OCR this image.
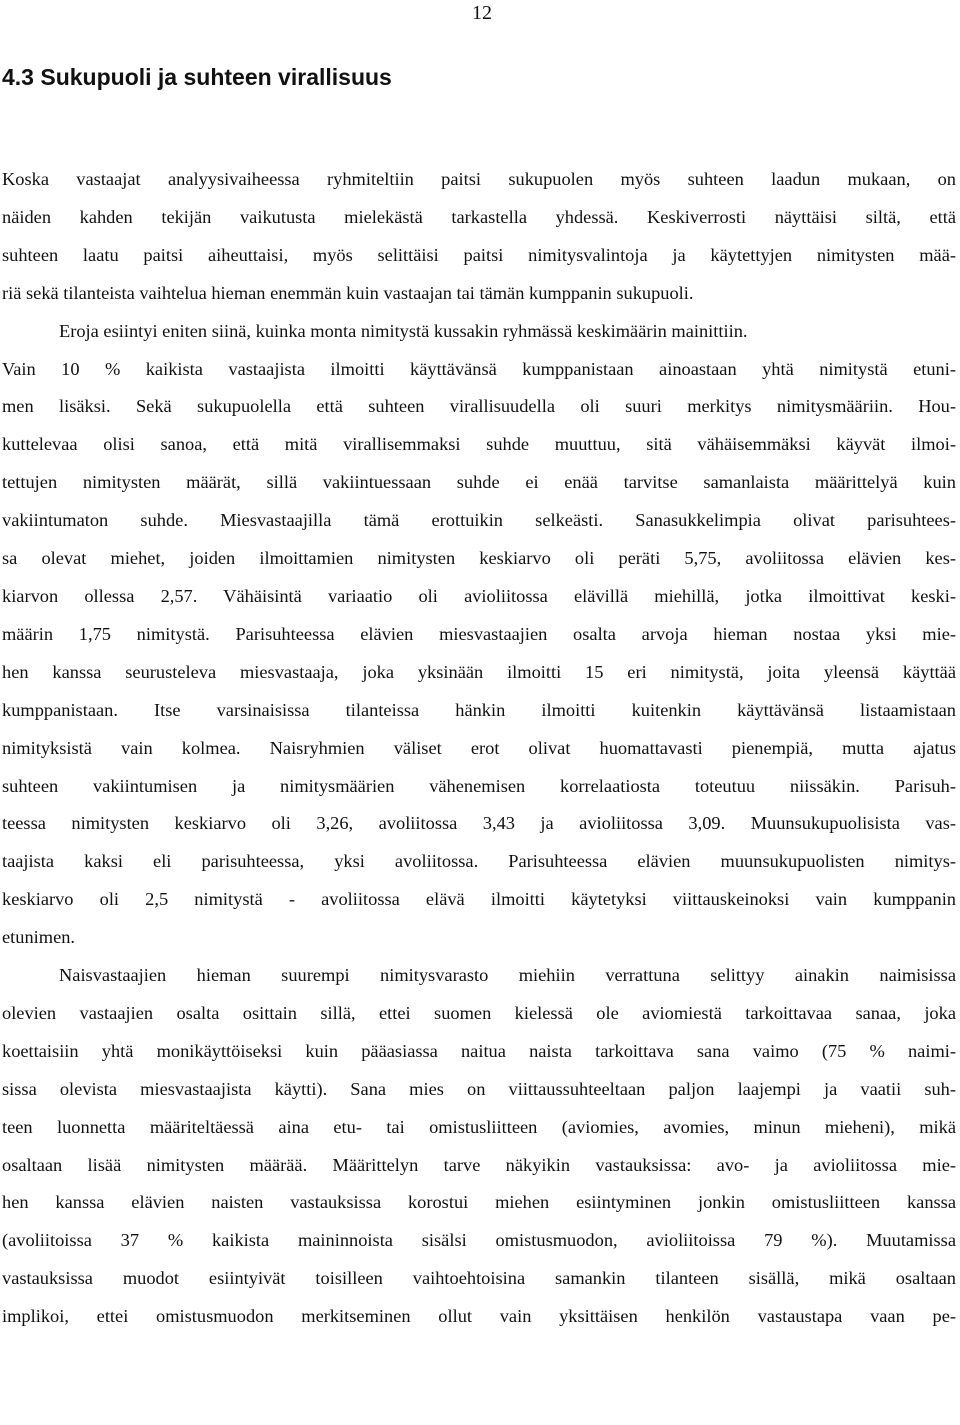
12
4.3 Sukupuoli ja suhteen virallisuus
Koska vastaajat analyysivaiheessa ryhmiteltiin paitsi sukupuolen myös suhteen laadun mukaan, on
näiden kahden tekijän vaikutusta mielekästä tarkastella yhdessä. Keskiverrosti näyttäisi siltä, että
suhteen laatu paitsi aiheuttaisi, myös selittäisi paitsi nimitysvalintoja ja käytettyjen nimitysten mää-
riä sekä tilanteista vaihtelua hieman enemmän kuin vastaajan tai tämän kumppanin sukupuoli.
Eroja esiintyi eniten siinä, kuinka monta nimitystä kussakin ryhmässä keskimäärin mainittiin.
Vain 10 % kaikista vastaajista ilmoitti käyttävänsä kumppanistaan ainoastaan yhtä nimitystä etuni-
men lisäksi. Sekä sukupuolella että suhteen virallisuudella oli suuri merkitys nimitysmääriin. Hou-
kuttelevaa olisi sanoa, että mitä virallisemmaksi suhde muuttuu, sitä vähäisemmäksi käyvät ilmoi-
tettujen nimitysten määrät, sillä vakiintuessaan suhde ei enää tarvitse samanlaista määrittelyä kuin
vakiintumaton suhde. Miesvastaajilla tämä erottuikin selkeästi. Sanasukkelimpia olivat parisuhtees-
sa olevat miehet, joiden ilmoittamien nimitysten keskiarvo oli peräti 5,75, avoliitossa elävien kes-
kiarvon ollessa 2,57. Vähäisintä variaatio oli avioliitossa elävillä miehillä, jotka ilmoittivat keski-
määrin 1,75 nimitystä. Parisuhteessa elävien miesvastaajien osalta arvoja hieman nostaa yksi mie-
hen kanssa seurusteleva miesvastaaja, joka yksinään ilmoitti 15 eri nimitystä, joita yleensä käyttää
kumppanistaan. Itse varsinaisissa tilanteissa hänkin ilmoitti kuitenkin käyttävänsä listaamistaan
nimityksistä vain kolmea. Naisryhmien väliset erot olivat huomattavasti pienempiä, mutta ajatus
suhteen vakiintumisen ja nimitysmäärien vähenemisen korrelaatiosta toteutuu niissäkin. Parisuh-
teessa nimitysten keskiarvo oli 3,26, avoliitossa 3,43 ja avioliitossa 3,09. Muunsukupuolisista vas-
taajista kaksi eli parisuhteessa, yksi avoliitossa. Parisuhteessa elävien muunsukupuolisten nimitys-
keskiarvo oli 2,5 nimitystä - avoliitossa elävä ilmoitti käytetyksi viittauskeinoksi vain kumppanin
etunimen.
Naisvastaajien hieman suurempi nimitysvarasto miehiin verrattuna selittyy ainakin naimisissa
olevien vastaajien osalta osittain sillä, ettei suomen kielessä ole aviomiestä tarkoittavaa sanaa, joka
koettaisiin yhtä monikäyttöiseksi kuin pääasiassa naitua naista tarkoittava sana vaimo (75 % naimi-
sissa olevista miesvastaajista käytti). Sana mies on viittaussuhteeltaan paljon laajempi ja vaatii suh-
teen luonnetta määriteltäessä aina etu- tai omistusliitteen (aviomies, avomies, minun mieheni), mikä
osaltaan lisää nimitysten määrää. Määrittelyn tarve näkyikin vastauksissa: avo- ja avioliitossa mie-
hen kanssa elävien naisten vastauksissa korostui miehen esiintyminen jonkin omistusliitteen kanssa
(avoliitoissa 37 % kaikista maininnoista sisälsi omistusmuodon, avioliitoissa 79 %). Muutamissa
vastauksissa muodot esiintyivät toisilleen vaihtoehtoisina samankin tilanteen sisällä, mikä osaltaan
implikoi, ettei omistusmuodon merkitseminen ollut vain yksittäisen henkilön vastaustapa vaan pe-
